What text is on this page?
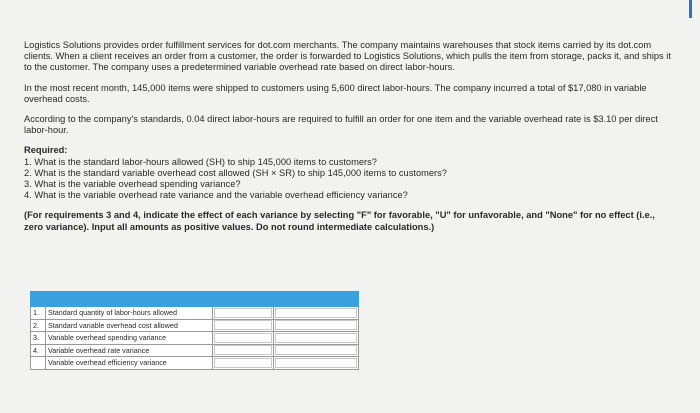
Logistics Solutions provides order fulfillment services for dot.com merchants. The company maintains warehouses that stock items carried by its dot.com clients. When a client receives an order from a customer, the order is forwarded to Logistics Solutions, which pulls the item from storage, packs it, and ships it to the customer. The company uses a predetermined variable overhead rate based on direct labor-hours.

In the most recent month, 145,000 items were shipped to customers using 5,600 direct labor-hours. The company incurred a total of $17,080 in variable overhead costs.

According to the company's standards, 0.04 direct labor-hours are required to fulfill an order for one item and the variable overhead rate is $3.10 per direct labor-hour.

Required:

1. What is the standard labor-hours allowed (SH) to ship 145,000 items to customers?
2. What is the standard variable overhead cost allowed (SH × SR) to ship 145,000 items to customers?
3. What is the variable overhead spending variance?
4. What is the variable overhead rate variance and the variable overhead efficiency variance?

(For requirements 3 and 4, indicate the effect of each variance by selecting "F" for favorable, "U" for unfavorable, and "None" for no effect (i.e., zero variance). Input all amounts as positive values. Do not round intermediate calculations.)

1.	Standard quantity of labor-hours allowed	

2.	Standard variable overhead cost allowed	

3.	Variable overhead spending variance	

4.	Variable overhead rate variance	

	Variable overhead efficiency variance	
